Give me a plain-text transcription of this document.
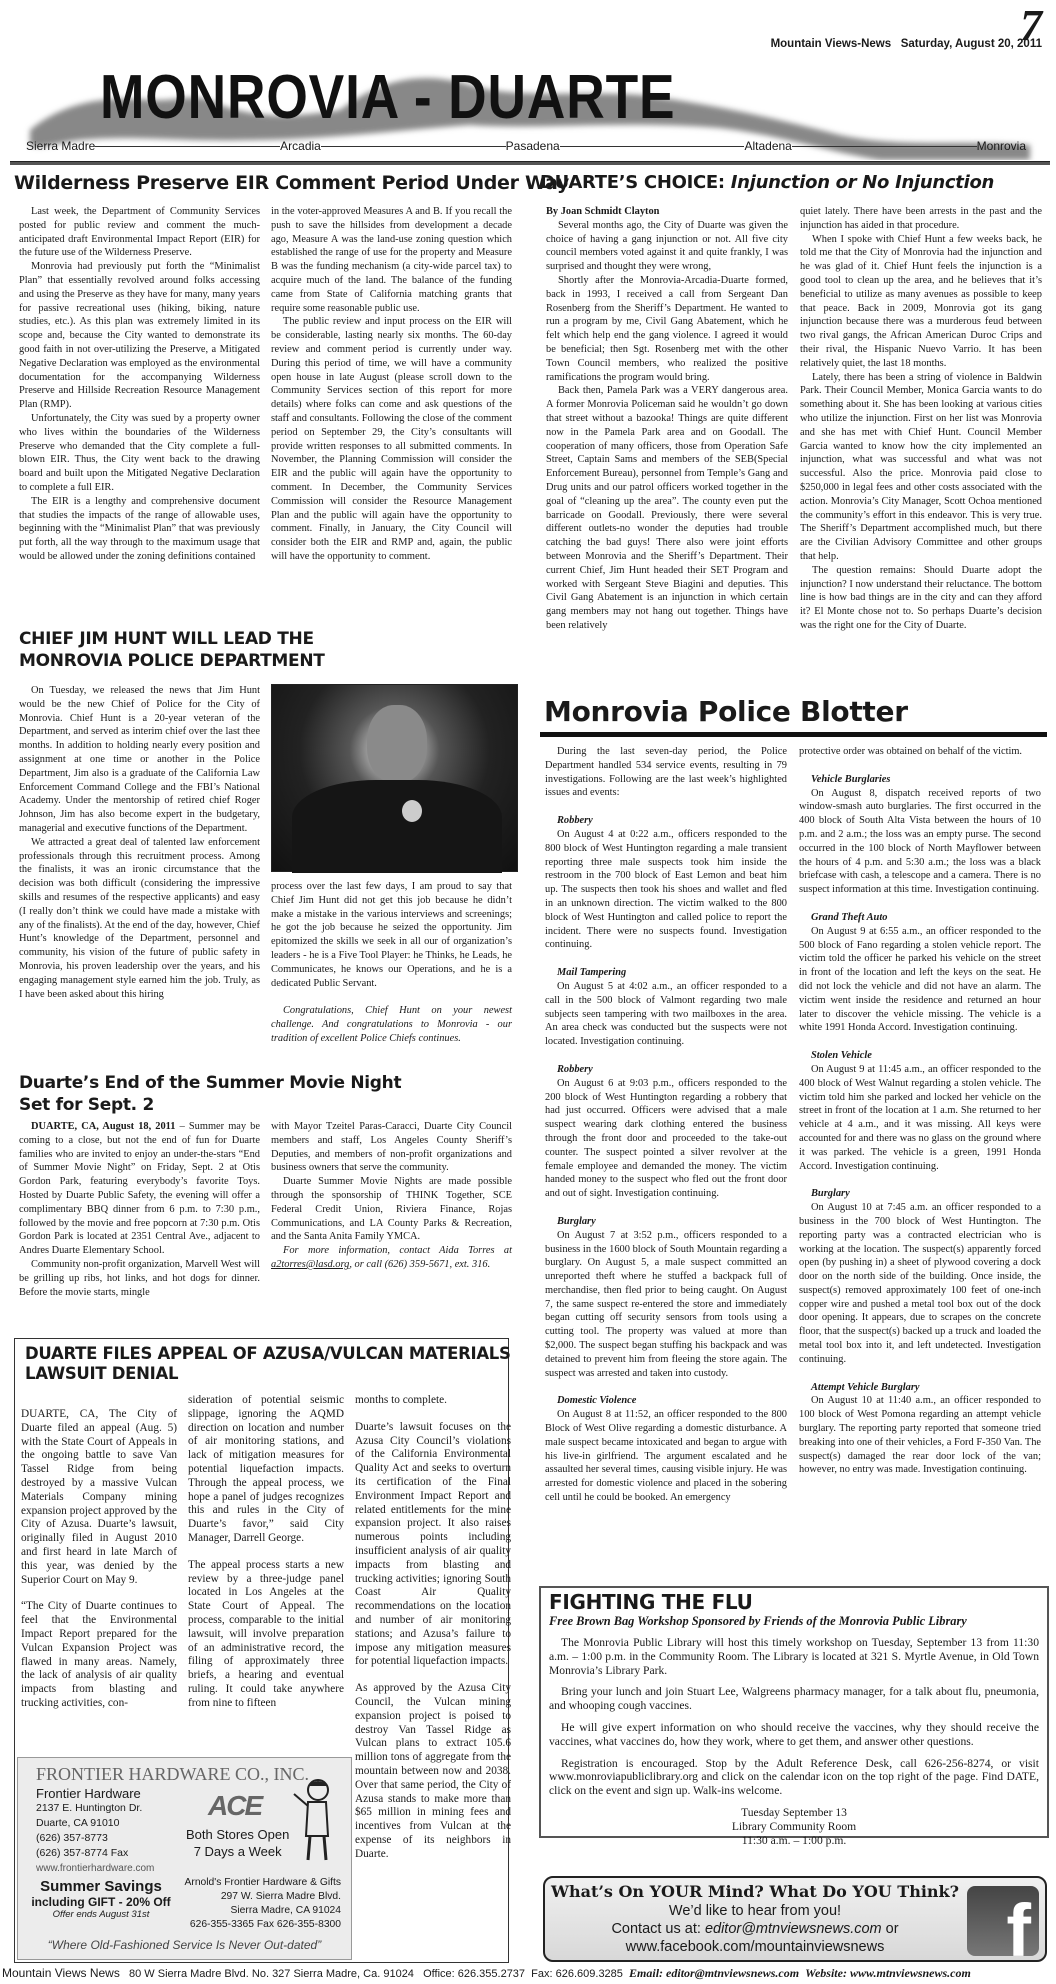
7
Mountain Views-News Saturday, August 20, 2011
MONROVIA - DUARTE
Sierra Madre	Arcadia	Pasadena	Altadena	Monrovia
Wilderness Preserve EIR Comment Period Under Way

Last week, the Department of Community Services posted for public review and comment the much-anticipated draft Environmental Impact Report (EIR) for the future use of the Wilderness Preserve.

Monrovia had previously put forth the “Minimalist Plan” that essentially revolved around folks accessing and using the Preserve as they have for many, many years for passive recreational uses (hiking, biking, nature studies, etc.). As this plan was extremely limited in its scope and, because the City wanted to demonstrate its good faith in not over-utilizing the Preserve, a Mitigated Negative Declaration was employed as the environmental documentation for the accompanying Wilderness Preserve and Hillside Recreation Resource Management Plan (RMP).

Unfortunately, the City was sued by a property owner who lives within the boundaries of the Wilderness Preserve who demanded that the City complete a full-blown EIR. Thus, the City went back to the drawing board and built upon the Mitigated Negative Declaration to complete a full EIR.

The EIR is a lengthy and comprehensive document that studies the impacts of the range of allowable uses, beginning with the “Minimalist Plan” that was previously put forth, all the way through to the maximum usage that would be allowed under the zoning definitions contained

in the voter-approved Measures A and B. If you recall the push to save the hillsides from development a decade ago, Measure A was the land-use zoning question which established the range of use for the property and Measure B was the funding mechanism (a city-wide parcel tax) to acquire much of the land. The balance of the funding came from State of California matching grants that require some reasonable public use.

The public review and input process on the EIR will be considerable, lasting nearly six months. The 60-day review and comment period is currently under way. During this period of time, we will have a community open house in late August (please scroll down to the Community Services section of this report for more details) where folks can come and ask questions of the staff and consultants. Following the close of the comment period on September 29, the City’s consultants will provide written responses to all submitted comments. In November, the Planning Commission will consider the EIR and the public will again have the opportunity to comment. In December, the Community Services Commission will consider the Resource Management Plan and the public will again have the opportunity to comment. Finally, in January, the City Council will consider both the EIR and RMP and, again, the public will have the opportunity to comment.

DUARTE’S CHOICE: Injunction or No Injunction
By Joan Schmidt Clayton

Several months ago, the City of Duarte was given the choice of having a gang injunction or not. All five city council members voted against it and quite frankly, I was surprised and thought they were wrong,

Shortly after the Monrovia-Arcadia-Duarte formed, back in 1993, I received a call from Sergeant Dan Rosenberg from the Sheriff’s Department. He wanted to run a program by me, Civil Gang Abatement, which he felt which help end the gang violence. I agreed it would be beneficial; then Sgt. Rosenberg met with the other Town Council members, who realized the positive ramifications the program would bring.

Back then, Pamela Park was a VERY dangerous area. A former Monrovia Policeman said he wouldn’t go down that street without a bazooka! Things are quite different now in the Pamela Park area and on Goodall. The cooperation of many officers, those from Operation Safe Street, Captain Sams and members of the SEB(Special Enforcement Bureau), personnel from Temple’s Gang and Drug units and our patrol officers worked together in the goal of “cleaning up the area”. The county even put the barricade on Goodall. Previously, there were several different outlets-no wonder the deputies had trouble catching the bad guys! There also were joint efforts between Monrovia and the Sheriff’s Department. Their current Chief, Jim Hunt headed their SET Program and worked with Sergeant Steve Biagini and deputies. This Civil Gang Abatement is an injunction in which certain gang members may not hang out together. Things have been relatively

quiet lately. There have been arrests in the past and the injunction has aided in that procedure.

When I spoke with Chief Hunt a few weeks back, he told me that the City of Monrovia had the injunction and he was glad of it. Chief Hunt feels the injunction is a good tool to clean up the area, and he believes that it’s beneficial to utilize as many avenues as possible to keep that peace. Back in 2009, Monrovia got its gang injunction because there was a murderous feud between two rival gangs, the African American Duroc Crips and their rival, the Hispanic Nuevo Varrio. It has been relatively quiet, the last 18 months.

Lately, there has been a string of violence in Baldwin Park. Their Council Member, Monica Garcia wants to do something about it. She has been looking at various cities who utilize the injunction. First on her list was Monrovia and she has met with Chief Hunt. Council Member Garcia wanted to know how the city implemented an injunction, what was successful and what was not successful. Also the price. Monrovia paid close to $250,000 in legal fees and other costs associated with the action. Monrovia’s City Manager, Scott Ochoa mentioned the community’s effort in this endeavor. This is very true. The Sheriff’s Department accomplished much, but there are the Civilian Advisory Committee and other groups that help.

The question remains: Should Duarte adopt the injunction? I now understand their reluctance. The bottom line is how bad things are in the city and can they afford it? El Monte chose not to. So perhaps Duarte’s decision was the right one for the City of Duarte.

CHIEF JIM HUNT WILL LEAD THE
MONROVIA POLICE DEPARTMENT

On Tuesday, we released the news that Jim Hunt would be the new Chief of Police for the City of Monrovia. Chief Hunt is a 20-year veteran of the Department, and served as interim chief over the last thee months. In addition to holding nearly every position and assignment at one time or another in the Police Department, Jim also is a graduate of the California Law Enforcement Command College and the FBI’s National Academy. Under the mentorship of retired chief Roger Johnson, Jim has also become expert in the budgetary, managerial and executive functions of the Department.

We attracted a great deal of talented law enforcement professionals through this recruitment process. Among the finalists, it was an ironic circumstance that the decision was both difficult (considering the impressive skills and resumes of the respective applicants) and easy (I really don’t think we could have made a mistake with any of the finalists). At the end of the day, however, Chief Hunt’s knowledge of the Department, personnel and community, his vision of the future of public safety in Monrovia, his proven leadership over the years, and his engaging management style earned him the job. Truly, as I have been asked about this hiring

process over the last few days, I am proud to say that Chief Jim Hunt did not get this job because he didn’t make a mistake in the various interviews and screenings; he got the job because he seized the opportunity. Jim epitomized the skills we seek in all our of organization’s leaders - he is a Five Tool Player: he Thinks, he Leads, he Communicates, he knows our Operations, and he is a dedicated Public Servant.

Congratulations, Chief Hunt on your newest challenge. And congratulations to Monrovia - our tradition of excellent Police Chiefs continues.

Duarte’s End of the Summer Movie Night
Set for Sept. 2

DUARTE, CA, August 18, 2011 – Summer may be coming to a close, but not the end of fun for Duarte families who are invited to enjoy an under-the-stars “End of Summer Movie Night” on Friday, Sept. 2 at Otis Gordon Park, featuring everybody’s favorite Toys. Hosted by Duarte Public Safety, the evening will offer a complimentary BBQ dinner from 6 p.m. to 7:30 p.m., followed by the movie and free popcorn at 7:30 p.m. Otis Gordon Park is located at 2351 Central Ave., adjacent to Andres Duarte Elementary School.

Community non-profit organization, Marvell West will be grilling up ribs, hot links, and hot dogs for dinner. Before the movie starts, mingle

with Mayor Tzeitel Paras-Caracci, Duarte City Council members and staff, Los Angeles County Sheriff’s Deputies, and members of non-profit organizations and business owners that serve the community.

Duarte Summer Movie Nights are made possible through the sponsorship of THINK Together, SCE Federal Credit Union, Riviera Finance, Rojas Communications, and LA County Parks & Recreation, and the Santa Anita Family YMCA.

For more information, contact Aida Torres at a2torres@lasd.org, or call (626) 359-5671, ext. 316.

DUARTE FILES APPEAL OF AZUSA/VULCAN MATERIALS
LAWSUIT DENIAL

DUARTE, CA, The City of Duarte filed an appeal (Aug. 5) with the State Court of Appeals in the ongoing battle to save Van Tassel Ridge from being destroyed by a massive Vulcan Materials Company mining expansion project approved by the City of Azusa. Duarte’s lawsuit, originally filed in August 2010 and first heard in late March of this year, was denied by the Superior Court on May 9.

“The City of Duarte continues to feel that the Environmental Impact Report prepared for the Vulcan Expansion Project was flawed in many areas. Namely, the lack of analysis of air quality impacts from blasting and trucking activities, con-

sideration of potential seismic slippage, ignoring the AQMD direction on location and number of air monitoring stations, and lack of mitigation measures for potential liquefaction impacts. Through the appeal process, we hope a panel of judges recognizes this and rules in the City of Duarte’s favor,” said City Manager, Darrell George.

The appeal process starts a new review by a three-judge panel located in Los Angeles at the State Court of Appeal. The process, comparable to the initial lawsuit, will involve preparation of an administrative record, the filing of approximately three briefs, a hearing and eventual ruling. It could take anywhere from nine to fifteen

months to complete.

Duarte’s lawsuit focuses on the Azusa City Council’s violations of the California Environmental Quality Act and seeks to overturn its certification of the Final Environment Impact Report and related entitlements for the mine expansion project. It also raises numerous points including insufficient analysis of air quality impacts from blasting and trucking activities; ignoring South Coast Air Quality recommendations on the location and number of air monitoring stations; and Azusa’s failure to impose any mitigation measures for potential liquefaction impacts.

As approved by the Azusa City Council, the Vulcan mining expansion project is poised to destroy Van Tassel Ridge as Vulcan plans to extract 105.6 million tons of aggregate from the mountain between now and 2038. Over that same period, the City of Azusa stands to make more than $65 million in mining fees and incentives from Vulcan at the expense of its neighbors in Duarte.

FRONTIER HARDWARE CO., INC.
Frontier Hardware
2137 E. Huntington Dr.
Duarte, CA 91010
(626) 357-8773
(626) 357-8774 Fax
www.frontierhardware.com
ACE
Both Stores Open
7 Days a Week
Summer Savings
including GIFT - 20% Off
Offer ends August 31st
Arnold's Frontier Hardware & Gifts
297 W. Sierra Madre Blvd.
Sierra Madre, CA 91024
626-355-3365 Fax 626-355-8300
“Where Old-Fashioned Service Is Never Out-dated”
Monrovia Police Blotter

During the last seven-day period, the Police Department handled 534 service events, resulting in 79 investigations. Following are the last week’s highlighted issues and events:

Robbery

On August 4 at 0:22 a.m., officers responded to the 800 block of West Huntington regarding a male transient reporting three male suspects took him inside the restroom in the 700 block of East Lemon and beat him up. The suspects then took his shoes and wallet and fled in an unknown direction. The victim walked to the 800 block of West Huntington and called police to report the incident. There were no suspects found. Investigation continuing.

Mail Tampering

On August 5 at 4:02 a.m., an officer responded to a call in the 500 block of Valmont regarding two male subjects seen tampering with two mailboxes in the area. An area check was conducted but the suspects were not located. Investigation continuing.

Robbery

On August 6 at 9:03 p.m., officers responded to the 200 block of West Huntington regarding a robbery that had just occurred. Officers were advised that a male suspect wearing dark clothing entered the business through the front door and proceeded to the take-out counter. The suspect pointed a silver revolver at the female employee and demanded the money. The victim handed money to the suspect who fled out the front door and out of sight. Investigation continuing.

Burglary

On August 7 at 3:52 p.m., officers responded to a business in the 1600 block of South Mountain regarding a burglary. On August 5, a male suspect committed an unreported theft where he stuffed a backpack full of merchandise, then fled prior to being caught. On August 7, the same suspect re-entered the store and immediately began cutting off security sensors from tools using a cutting tool. The property was valued at more than $2,000. The suspect began stuffing his backpack and was detained to prevent him from fleeing the store again. The suspect was arrested and taken into custody.

Domestic Violence

On August 8 at 11:52, an officer responded to the 800 Block of West Olive regarding a domestic disturbance. A male suspect became intoxicated and began to argue with his live-in girlfriend. The argument escalated and he assaulted her several times, causing visible injury. He was arrested for domestic violence and placed in the sobering cell until he could be booked. An emergency

protective order was obtained on behalf of the victim.

Vehicle Burglaries

On August 8, dispatch received reports of two window-smash auto burglaries. The first occurred in the 400 block of South Alta Vista between the hours of 10 p.m. and 2 a.m.; the loss was an empty purse. The second occurred in the 100 block of North Mayflower between the hours of 4 p.m. and 5:30 a.m.; the loss was a black briefcase with cash, a telescope and a camera. There is no suspect information at this time. Investigation continuing.

Grand Theft Auto

On August 9 at 6:55 a.m., an officer responded to the 500 block of Fano regarding a stolen vehicle report. The victim told the officer he parked his vehicle on the street in front of the location and left the keys on the seat. He did not lock the vehicle and did not have an alarm. The victim went inside the residence and returned an hour later to discover the vehicle missing. The vehicle is a white 1991 Honda Accord. Investigation continuing.

Stolen Vehicle

On August 9 at 11:45 a.m., an officer responded to the 400 block of West Walnut regarding a stolen vehicle. The victim told him she parked and locked her vehicle on the street in front of the location at 1 a.m. She returned to her vehicle at 4 a.m., and it was missing. All keys were accounted for and there was no glass on the ground where it was parked. The vehicle is a green, 1991 Honda Accord. Investigation continuing.

Burglary

On August 10 at 7:45 a.m. an officer responded to a business in the 700 block of West Huntington. The reporting party was a contracted electrician who is working at the location. The suspect(s) apparently forced open (by pushing in) a sheet of plywood covering a dock door on the north side of the building. Once inside, the suspect(s) removed approximately 100 feet of one-inch copper wire and pushed a metal tool box out of the dock door opening. It appears, due to scrapes on the concrete floor, that the suspect(s) backed up a truck and loaded the metal tool box into it, and left undetected. Investigation continuing.

Attempt Vehicle Burglary

On August 10 at 11:40 a.m., an officer responded to 100 block of West Pomona regarding an attempt vehicle burglary. The reporting party reported that someone tried breaking into one of their vehicles, a Ford F-350 Van. The suspect(s) damaged the rear door lock of the van; however, no entry was made. Investigation continuing.

FIGHTING THE FLU
Free Brown Bag Workshop Sponsored by Friends of the Monrovia Public Library

The Monrovia Public Library will host this timely workshop on Tuesday, September 13 from 11:30 a.m. – 1:00 p.m. in the Community Room. The Library is located at 321 S. Myrtle Avenue, in Old Town Monrovia’s Library Park.

Bring your lunch and join Stuart Lee, Walgreens pharmacy manager, for a talk about flu, pneumonia, and whooping cough vaccines.

He will give expert information on who should receive the vaccines, why they should receive the vaccines, what vaccines do, how they work, where to get them, and answer other questions.

Registration is encouraged. Stop by the Adult Reference Desk, call 626-256-8274, or visit www.monroviapubliclibrary.org and click on the calendar icon on the top right of the page. Find DATE, click on the event and sign up. Walk-ins welcome.

Tuesday September 13
Library Community Room
11:30 a.m. – 1:00 p.m.
What’s On YOUR Mind? What Do YOU Think?
We’d like to hear from you!
Contact us at: editor@mtnviewsnews.com or
www.facebook.com/mountainviewsnews	f
Mountain Views News 80 W Sierra Madre Blvd. No. 327 Sierra Madre, Ca. 91024 Office: 626.355.2737 Fax: 626.609.3285 Email: editor@mtnviewsnews.com Website: www.mtnviewsnews.com
